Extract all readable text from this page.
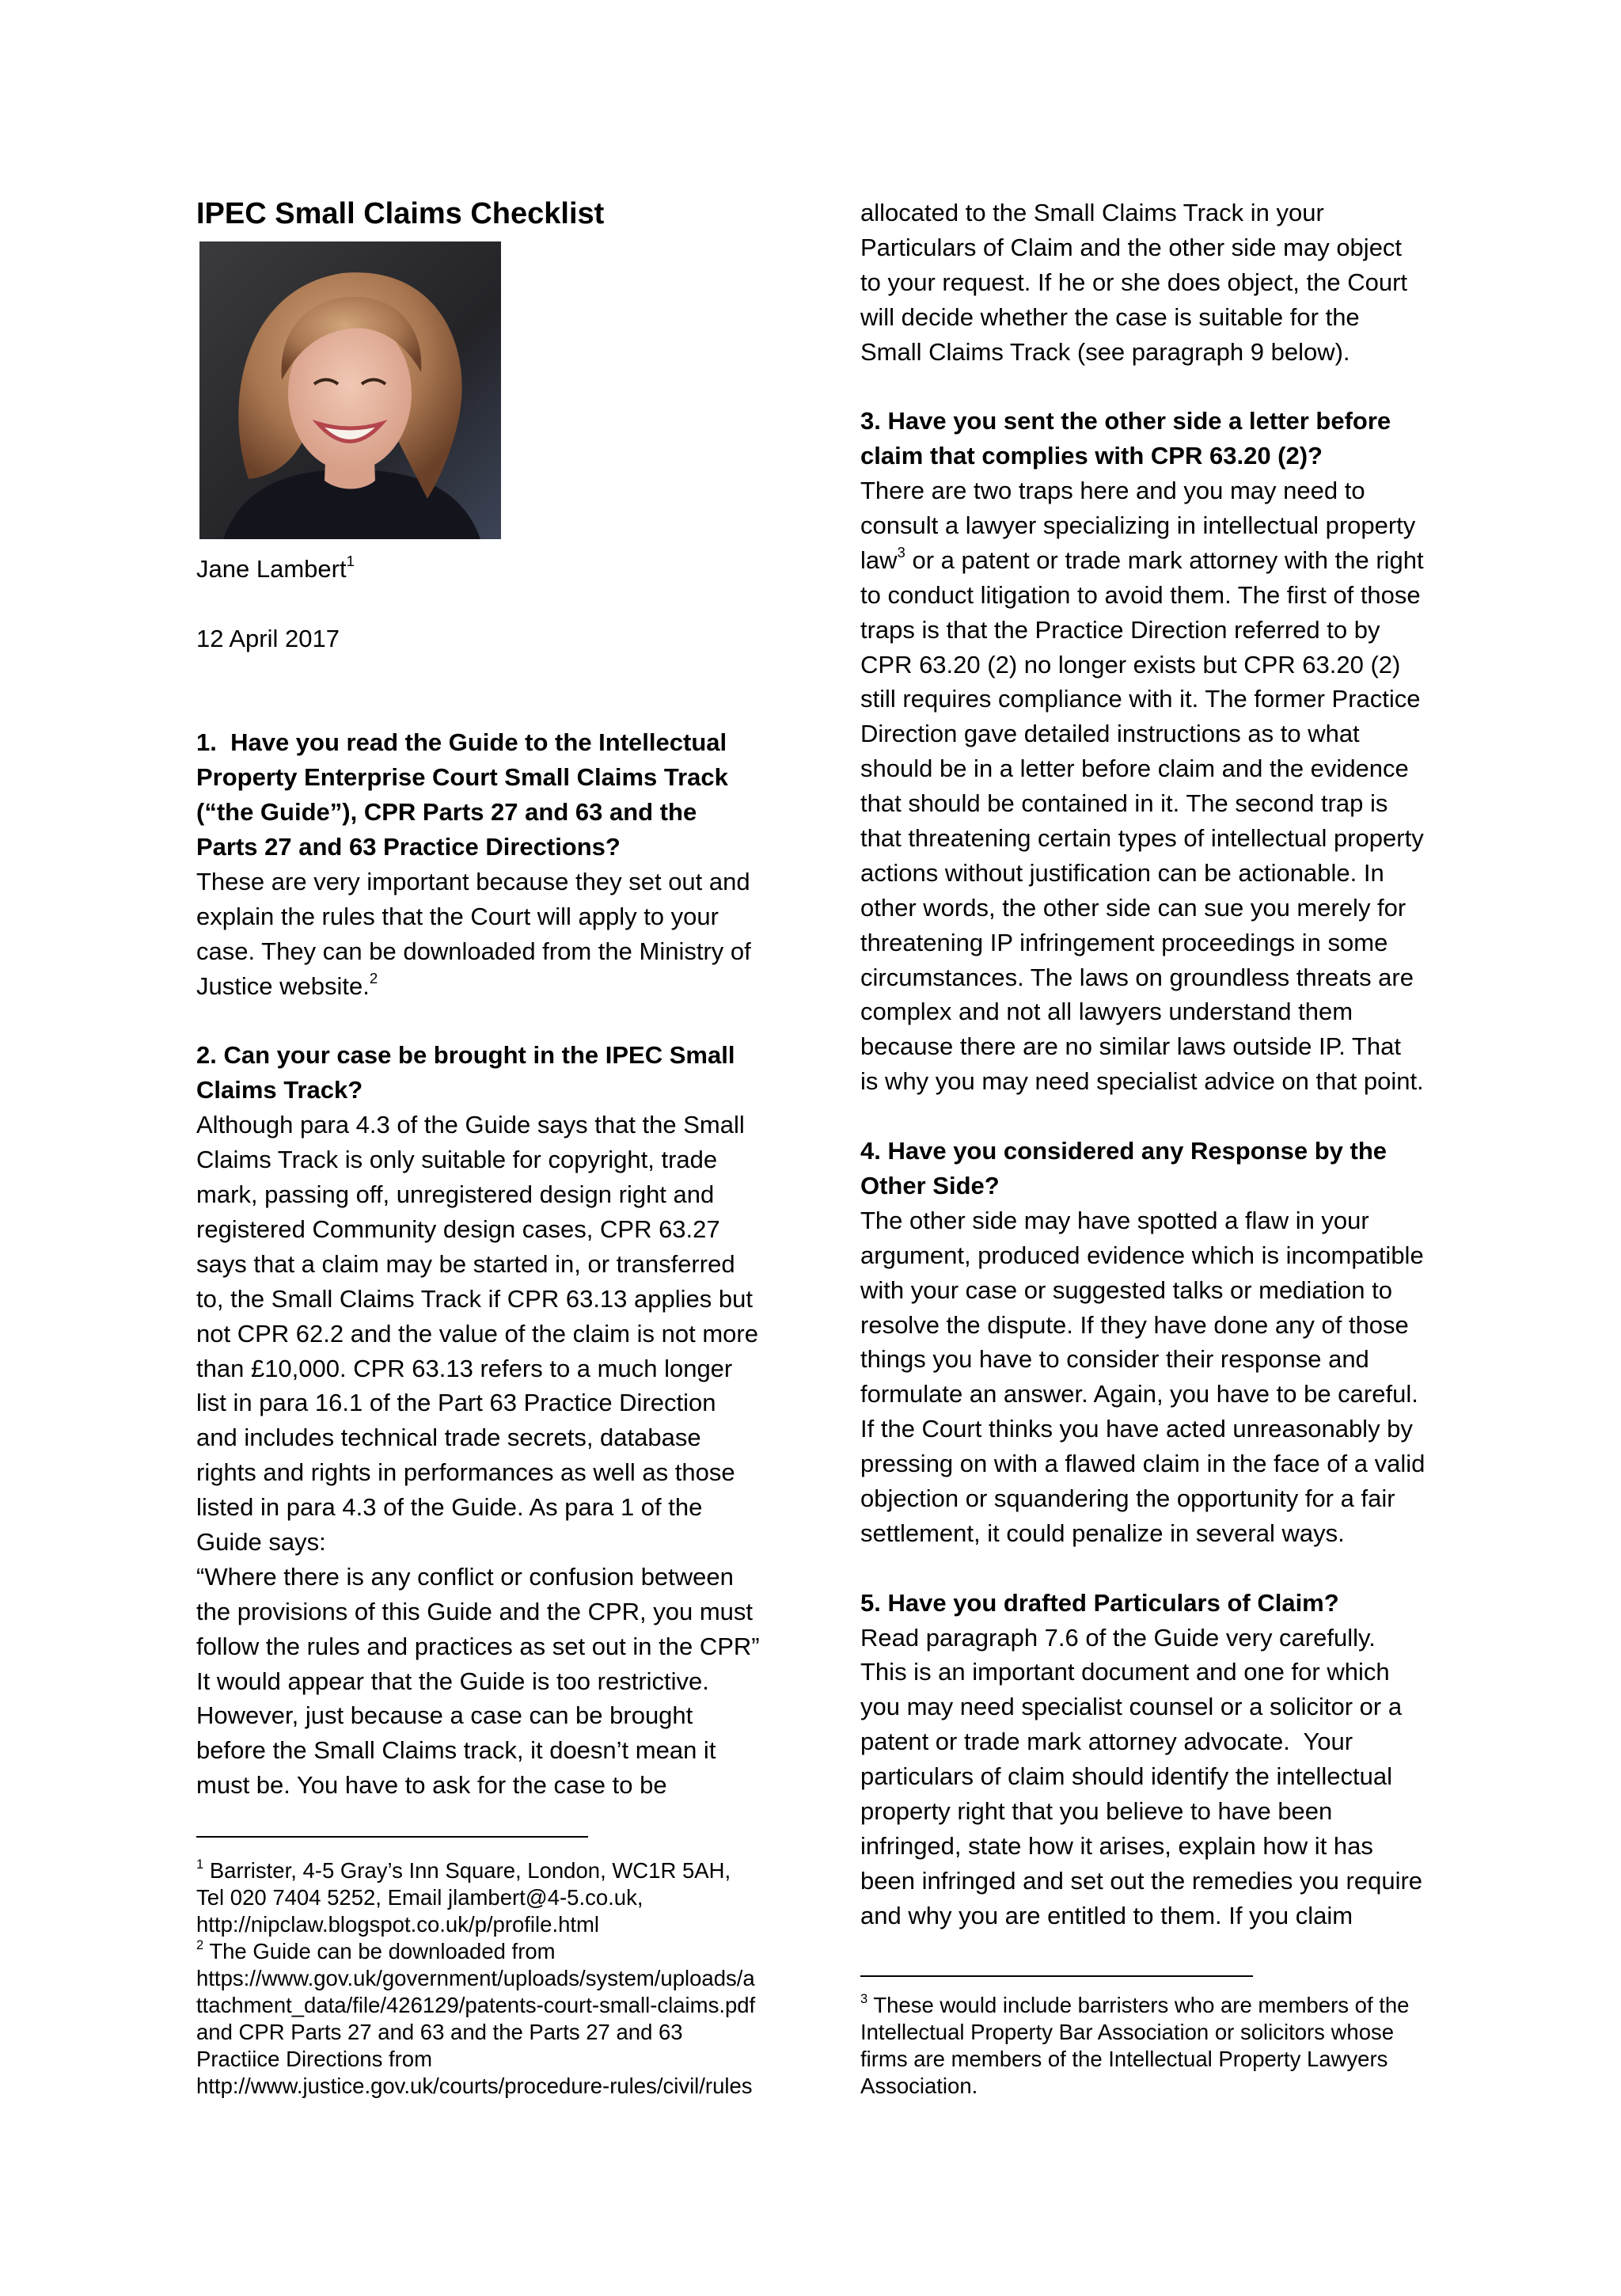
IPEC Small Claims Checklist
Jane Lambert$^1$
12 April 2017
1.  Have you read the Guide to the Intellectual
Property Enterprise Court Small Claims Track
(“the Guide”), CPR Parts 27 and 63 and the
Parts 27 and 63 Practice Directions?
These are very important because they set out and
explain the rules that the Court will apply to your
case. They can be downloaded from the Ministry of
Justice website.$^2$
2. Can your case be brought in the IPEC Small
Claims Track?
Although para 4.3 of the Guide says that the Small
Claims Track is only suitable for copyright, trade
mark, passing off, unregistered design right and
registered Community design cases, CPR 63.27
says that a claim may be started in, or transferred
to, the Small Claims Track if CPR 63.13 applies but
not CPR 62.2 and the value of the claim is not more
than £10,000. CPR 63.13 refers to a much longer
list in para 16.1 of the Part 63 Practice Direction
and includes technical trade secrets, database
rights and rights in performances as well as those
listed in para 4.3 of the Guide. As para 1 of the
Guide says:
“Where there is any conflict or confusion between
the provisions of this Guide and the CPR, you must
follow the rules and practices as set out in the CPR”
It would appear that the Guide is too restrictive.
However, just because a case can be brought
before the Small Claims track, it doesn’t mean it
must be. You have to ask for the case to be
allocated to the Small Claims Track in your
Particulars of Claim and the other side may object
to your request. If he or she does object, the Court
will decide whether the case is suitable for the
Small Claims Track (see paragraph 9 below).
3. Have you sent the other side a letter before
claim that complies with CPR 63.20 (2)?
There are two traps here and you may need to
consult a lawyer specializing in intellectual property
law$^3$ or a patent or trade mark attorney with the right
to conduct litigation to avoid them. The first of those
traps is that the Practice Direction referred to by
CPR 63.20 (2) no longer exists but CPR 63.20 (2)
still requires compliance with it. The former Practice
Direction gave detailed instructions as to what
should be in a letter before claim and the evidence
that should be contained in it. The second trap is
that threatening certain types of intellectual property
actions without justification can be actionable. In
other words, the other side can sue you merely for
threatening IP infringement proceedings in some
circumstances. The laws on groundless threats are
complex and not all lawyers understand them
because there are no similar laws outside IP. That
is why you may need specialist advice on that point.
4. Have you considered any Response by the
Other Side?
The other side may have spotted a flaw in your
argument, produced evidence which is incompatible
with your case or suggested talks or mediation to
resolve the dispute. If they have done any of those
things you have to consider their response and
formulate an answer. Again, you have to be careful.
If the Court thinks you have acted unreasonably by
pressing on with a flawed claim in the face of a valid
objection or squandering the opportunity for a fair
settlement, it could penalize in several ways.
5. Have you drafted Particulars of Claim?
Read paragraph 7.6 of the Guide very carefully.
This is an important document and one for which
you may need specialist counsel or a solicitor or a
patent or trade mark attorney advocate.  Your
particulars of claim should identify the intellectual
property right that you believe to have been
infringed, state how it arises, explain how it has
been infringed and set out the remedies you require
and why you are entitled to them. If you claim
$^1$ Barrister, 4-5 Gray’s Inn Square, London, WC1R 5AH,
Tel 020 7404 5252, Email jlambert@4-5.co.uk,
http://nipclaw.blogspot.co.uk/p/profile.html
$^2$ The Guide can be downloaded from
https://www.gov.uk/government/uploads/system/uploads/a
ttachment_data/file/426129/patents-court-small-claims.pdf
and CPR Parts 27 and 63 and the Parts 27 and 63
Practiice Directions from
http://www.justice.gov.uk/courts/procedure-rules/civil/rules
$^3$ These would include barristers who are members of the
Intellectual Property Bar Association or solicitors whose
firms are members of the Intellectual Property Lawyers
Association.
